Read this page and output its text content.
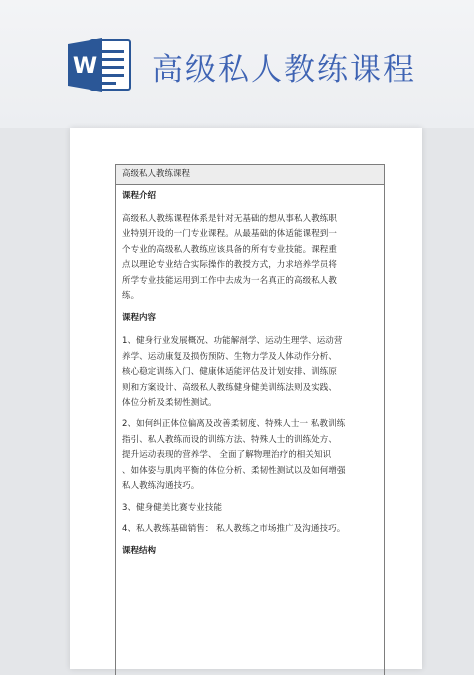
W 高级私人教练课程
高级私人教练课程

课程介绍

高级私人教练课程体系是针对无基础的想从事私人教练职
业特别开设的一门专业课程。从最基础的体适能课程到一
个专业的高级私人教练应该具备的所有专业技能。课程重
点以理论专业结合实际操作的教授方式，力求培养学员将
所学专业技能运用到工作中去成为一名真正的高级私人教
练。

课程内容

1、健身行业发展概况、功能解剖学、运动生理学、运动营
养学、运动康复及损伤预防、生物力学及人体动作分析、
核心稳定训练入门、健康体适能评估及计划安排、训练原
则和方案设计、高级私人教练健身健美训练法则及实践、
体位分析及柔韧性测试。

2、如何纠正体位偏离及改善柔韧度、特殊人士一 私教训练
指引、私人教练而设的训练方法、特殊人士的训练处方、
提升运动表现的营养学、 全面了解物理治疗的相关知识
、如体姿与肌肉平衡的体位分析、柔韧性测试以及如何增强
私人教练沟通技巧。

3、健身健美比赛专业技能

4、私人教练基础销售： 私人教练之市场推广及沟通技巧。

课程结构
